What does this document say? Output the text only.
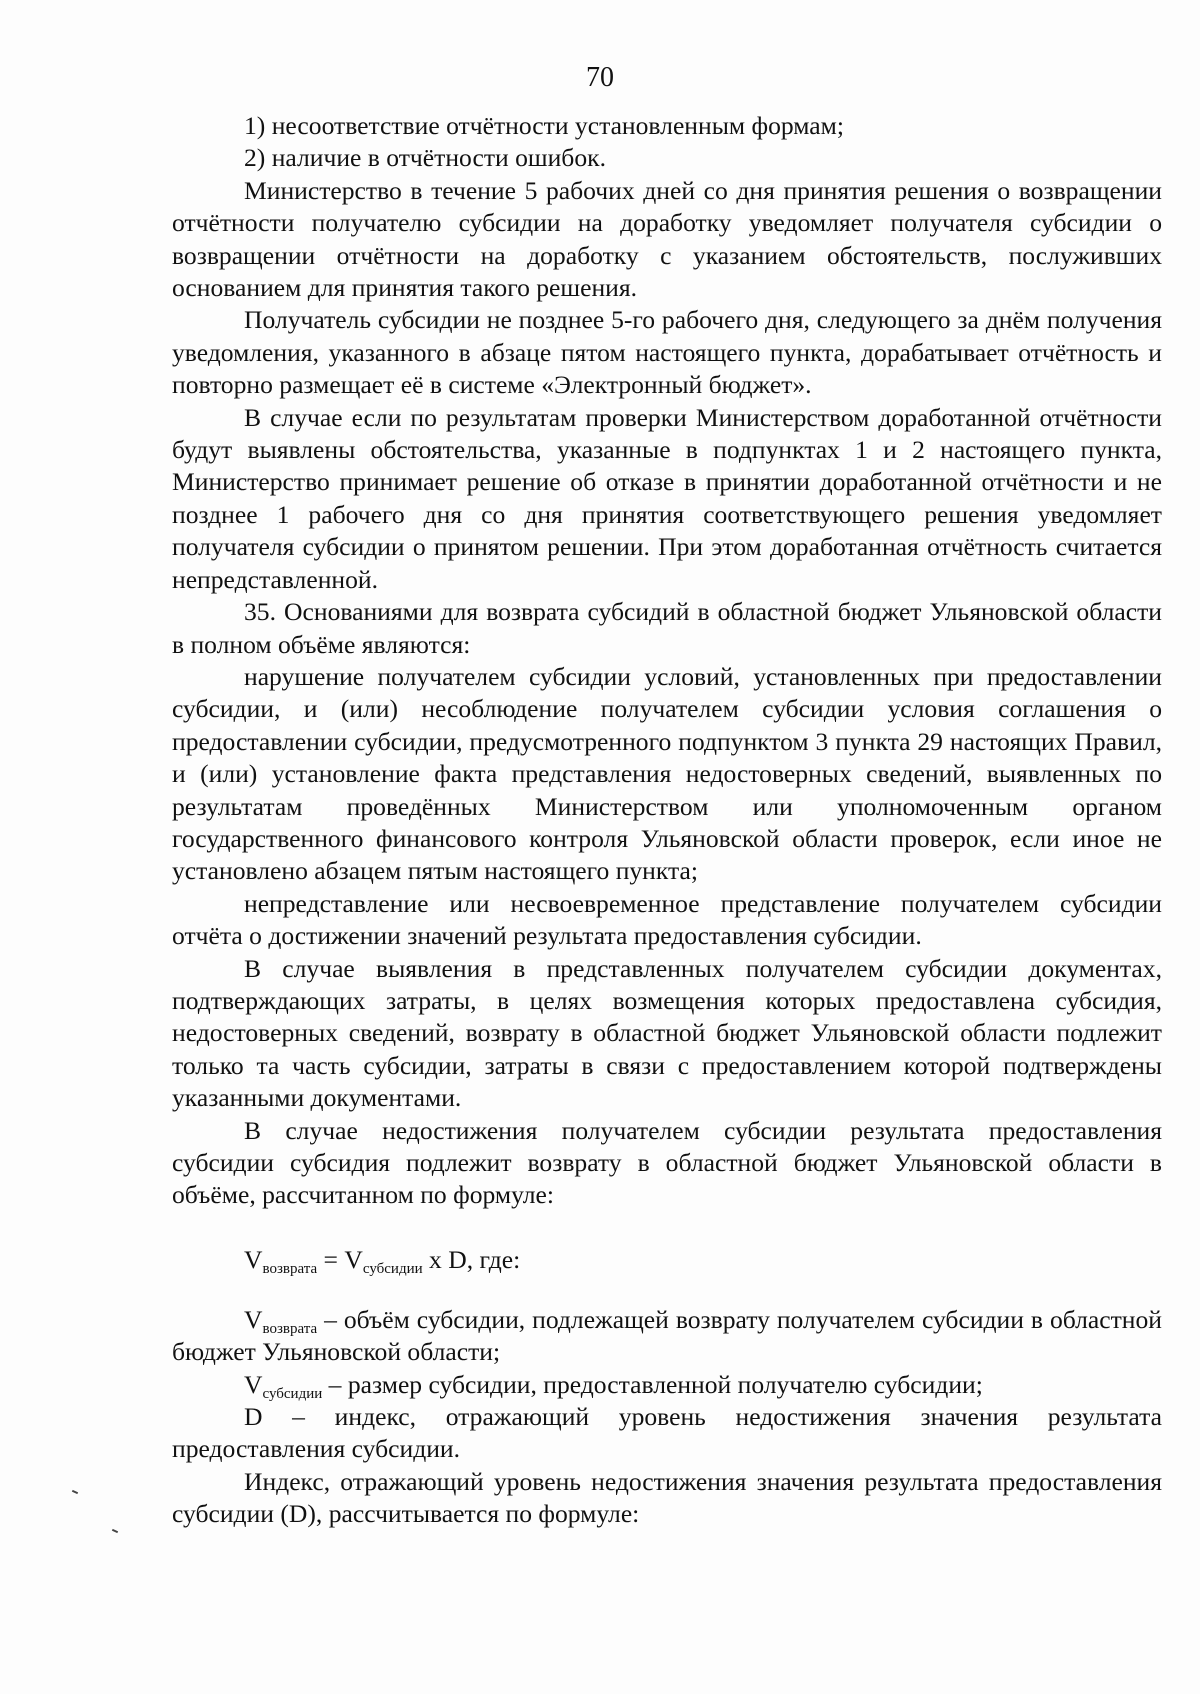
70

1) несоответствие отчётности установленным формам;

2) наличие в отчётности ошибок.

Министерство в течение 5 рабочих дней со дня принятия решения о возвращении отчётности получателю субсидии на доработку уведомляет получателя субсидии о возвращении отчётности на доработку с указанием обстоятельств, послуживших основанием для принятия такого решения.

Получатель субсидии не позднее 5-го рабочего дня, следующего за днём получения уведомления, указанного в абзаце пятом настоящего пункта, дорабатывает отчётность и повторно размещает её в системе «Электронный бюджет».

В случае если по результатам проверки Министерством доработанной отчётности будут выявлены обстоятельства, указанные в подпунктах 1 и 2 настоящего пункта, Министерство принимает решение об отказе в принятии доработанной отчётности и не позднее 1 рабочего дня со дня принятия соответствующего решения уведомляет получателя субсидии о принятом решении. При этом доработанная отчётность считается непредставленной.

35. Основаниями для возврата субсидий в областной бюджет Ульяновской области в полном объёме являются:

нарушение получателем субсидии условий, установленных при предоставлении субсидии, и (или) несоблюдение получателем субсидии условия соглашения о предоставлении субсидии, предусмотренного подпунктом 3 пункта 29 настоящих Правил, и (или) установление факта представления недостоверных сведений, выявленных по результатам проведённых Министерством или уполномоченным органом государственного финансового контроля Ульяновской области проверок, если иное не установлено абзацем пятым настоящего пункта;

непредставление или несвоевременное представление получателем субсидии отчёта о достижении значений результата предоставления субсидии.

В случае выявления в представленных получателем субсидии документах, подтверждающих затраты, в целях возмещения которых предоставлена субсидия, недостоверных сведений, возврату в областной бюджет Ульяновской области подлежит только та часть субсидии, затраты в связи с предоставлением которой подтверждены указанными документами.

В случае недостижения получателем субсидии результата предоставления субсидии субсидия подлежит возврату в областной бюджет Ульяновской области в объёме, рассчитанном по формуле:

$V_{возврата} = V_{субсидии}$ x D, где:

$V_{возврата}$ – объём субсидии, подлежащей возврату получателем субсидии в областной бюджет Ульяновской области;

$V_{субсидии}$ – размер субсидии, предоставленной получателю субсидии;

D – индекс, отражающий уровень недостижения значения результата предоставления субсидии.

Индекс, отражающий уровень недостижения значения результата предоставления субсидии (D), рассчитывается по формуле:
